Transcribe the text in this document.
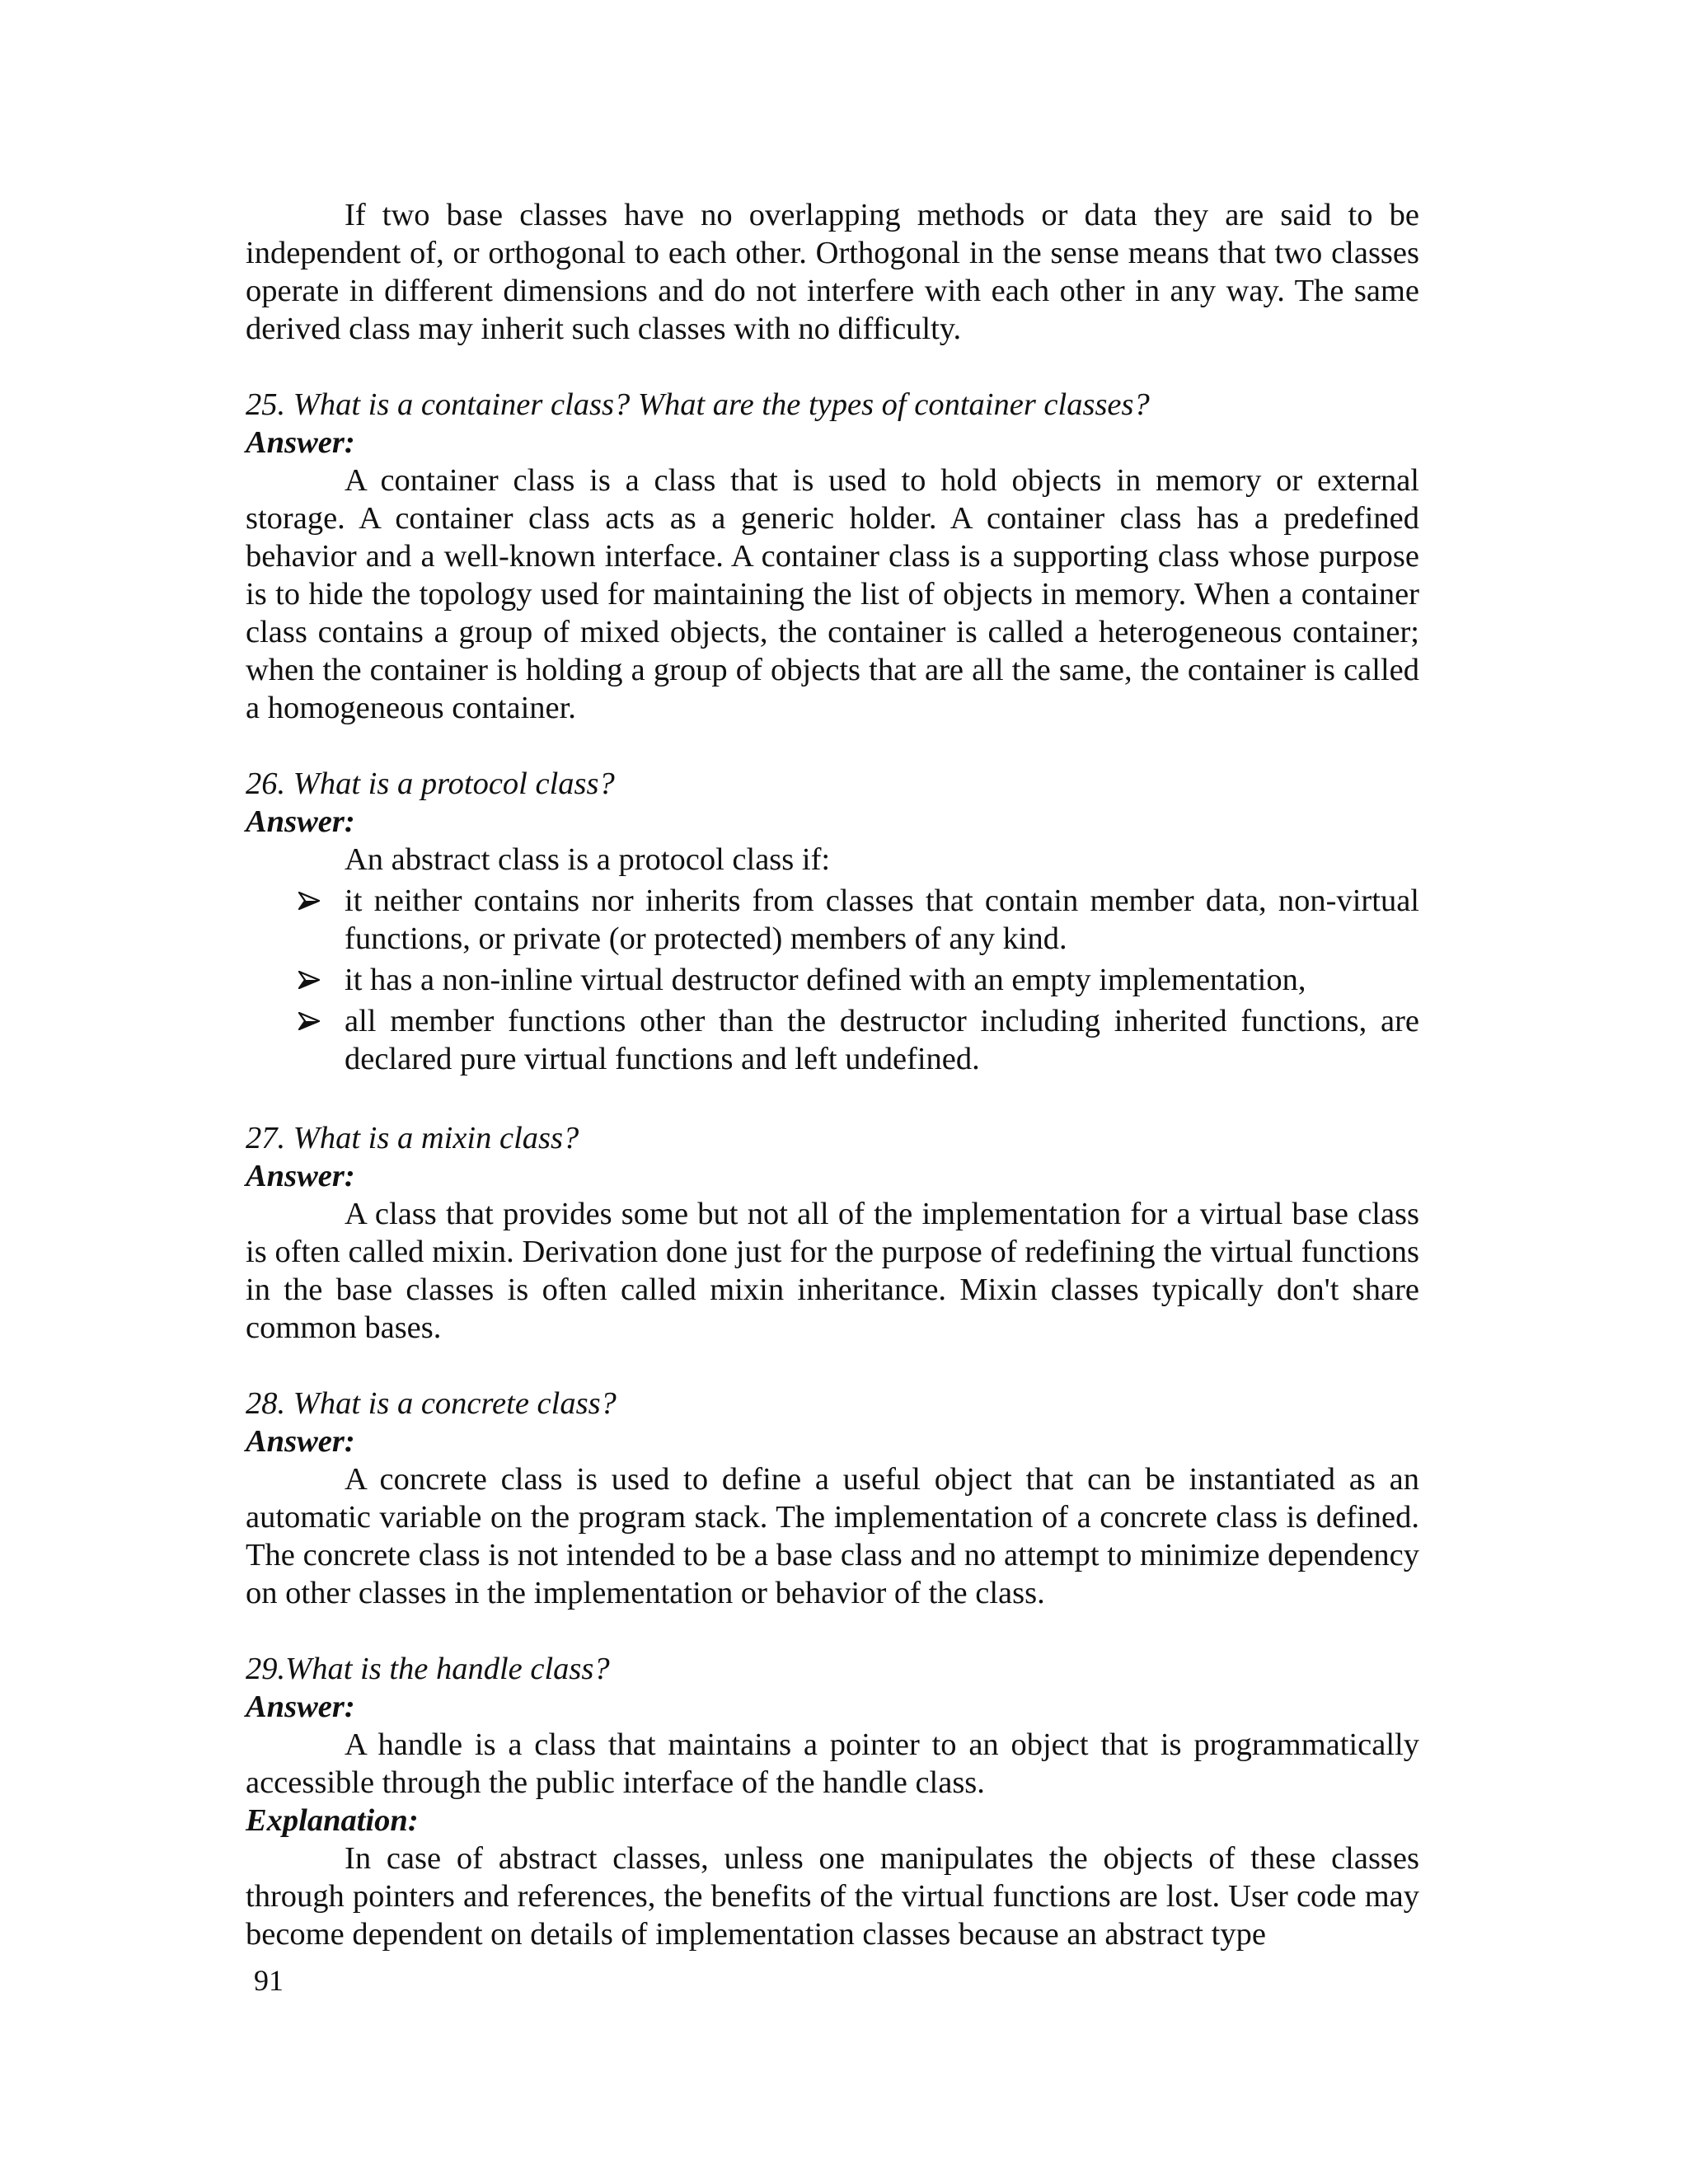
If two base classes have no overlapping methods or data they are said to be independent of, or orthogonal to each other. Orthogonal in the sense means that two classes operate in different dimensions and do not interfere with each other in any way. The same derived class may inherit such classes with no difficulty.

25. What is a container class? What are the types of container classes?

Answer:

A container class is a class that is used to hold objects in memory or external storage. A container class acts as a generic holder. A container class has a predefined behavior and a well-known interface. A container class is a supporting class whose purpose is to hide the topology used for maintaining the list of objects in memory. When a container class contains a group of mixed objects, the container is called a heterogeneous container; when the container is holding a group of objects that are all the same, the container is called a homogeneous container.

26. What is a protocol class?

Answer:

An abstract class is a protocol class if:

it neither contains nor inherits from classes that contain member data, non-virtual functions, or private (or protected) members of any kind.
it has a non-inline virtual destructor defined with an empty implementation,
all member functions other than the destructor including inherited functions, are declared pure virtual functions and left undefined.

27. What is a mixin class?

Answer:

A class that provides some but not all of the implementation for a virtual base class is often called mixin. Derivation done just for the purpose of redefining the virtual functions in the base classes is often called mixin inheritance. Mixin classes typically don't share common bases.

28. What is a concrete class?

Answer:

A concrete class is used to define a useful object that can be instantiated as an automatic variable on the program stack. The implementation of a concrete class is defined. The concrete class is not intended to be a base class and no attempt to minimize dependency on other classes in the implementation or behavior of the class.

29.What is the handle class?

Answer:

A handle is a class that maintains a pointer to an object that is programmatically accessible through the public interface of the handle class.

Explanation:

In case of abstract classes, unless one manipulates the objects of these classes through pointers and references, the benefits of the virtual functions are lost. User code may become dependent on details of implementation classes because an abstract type

91
